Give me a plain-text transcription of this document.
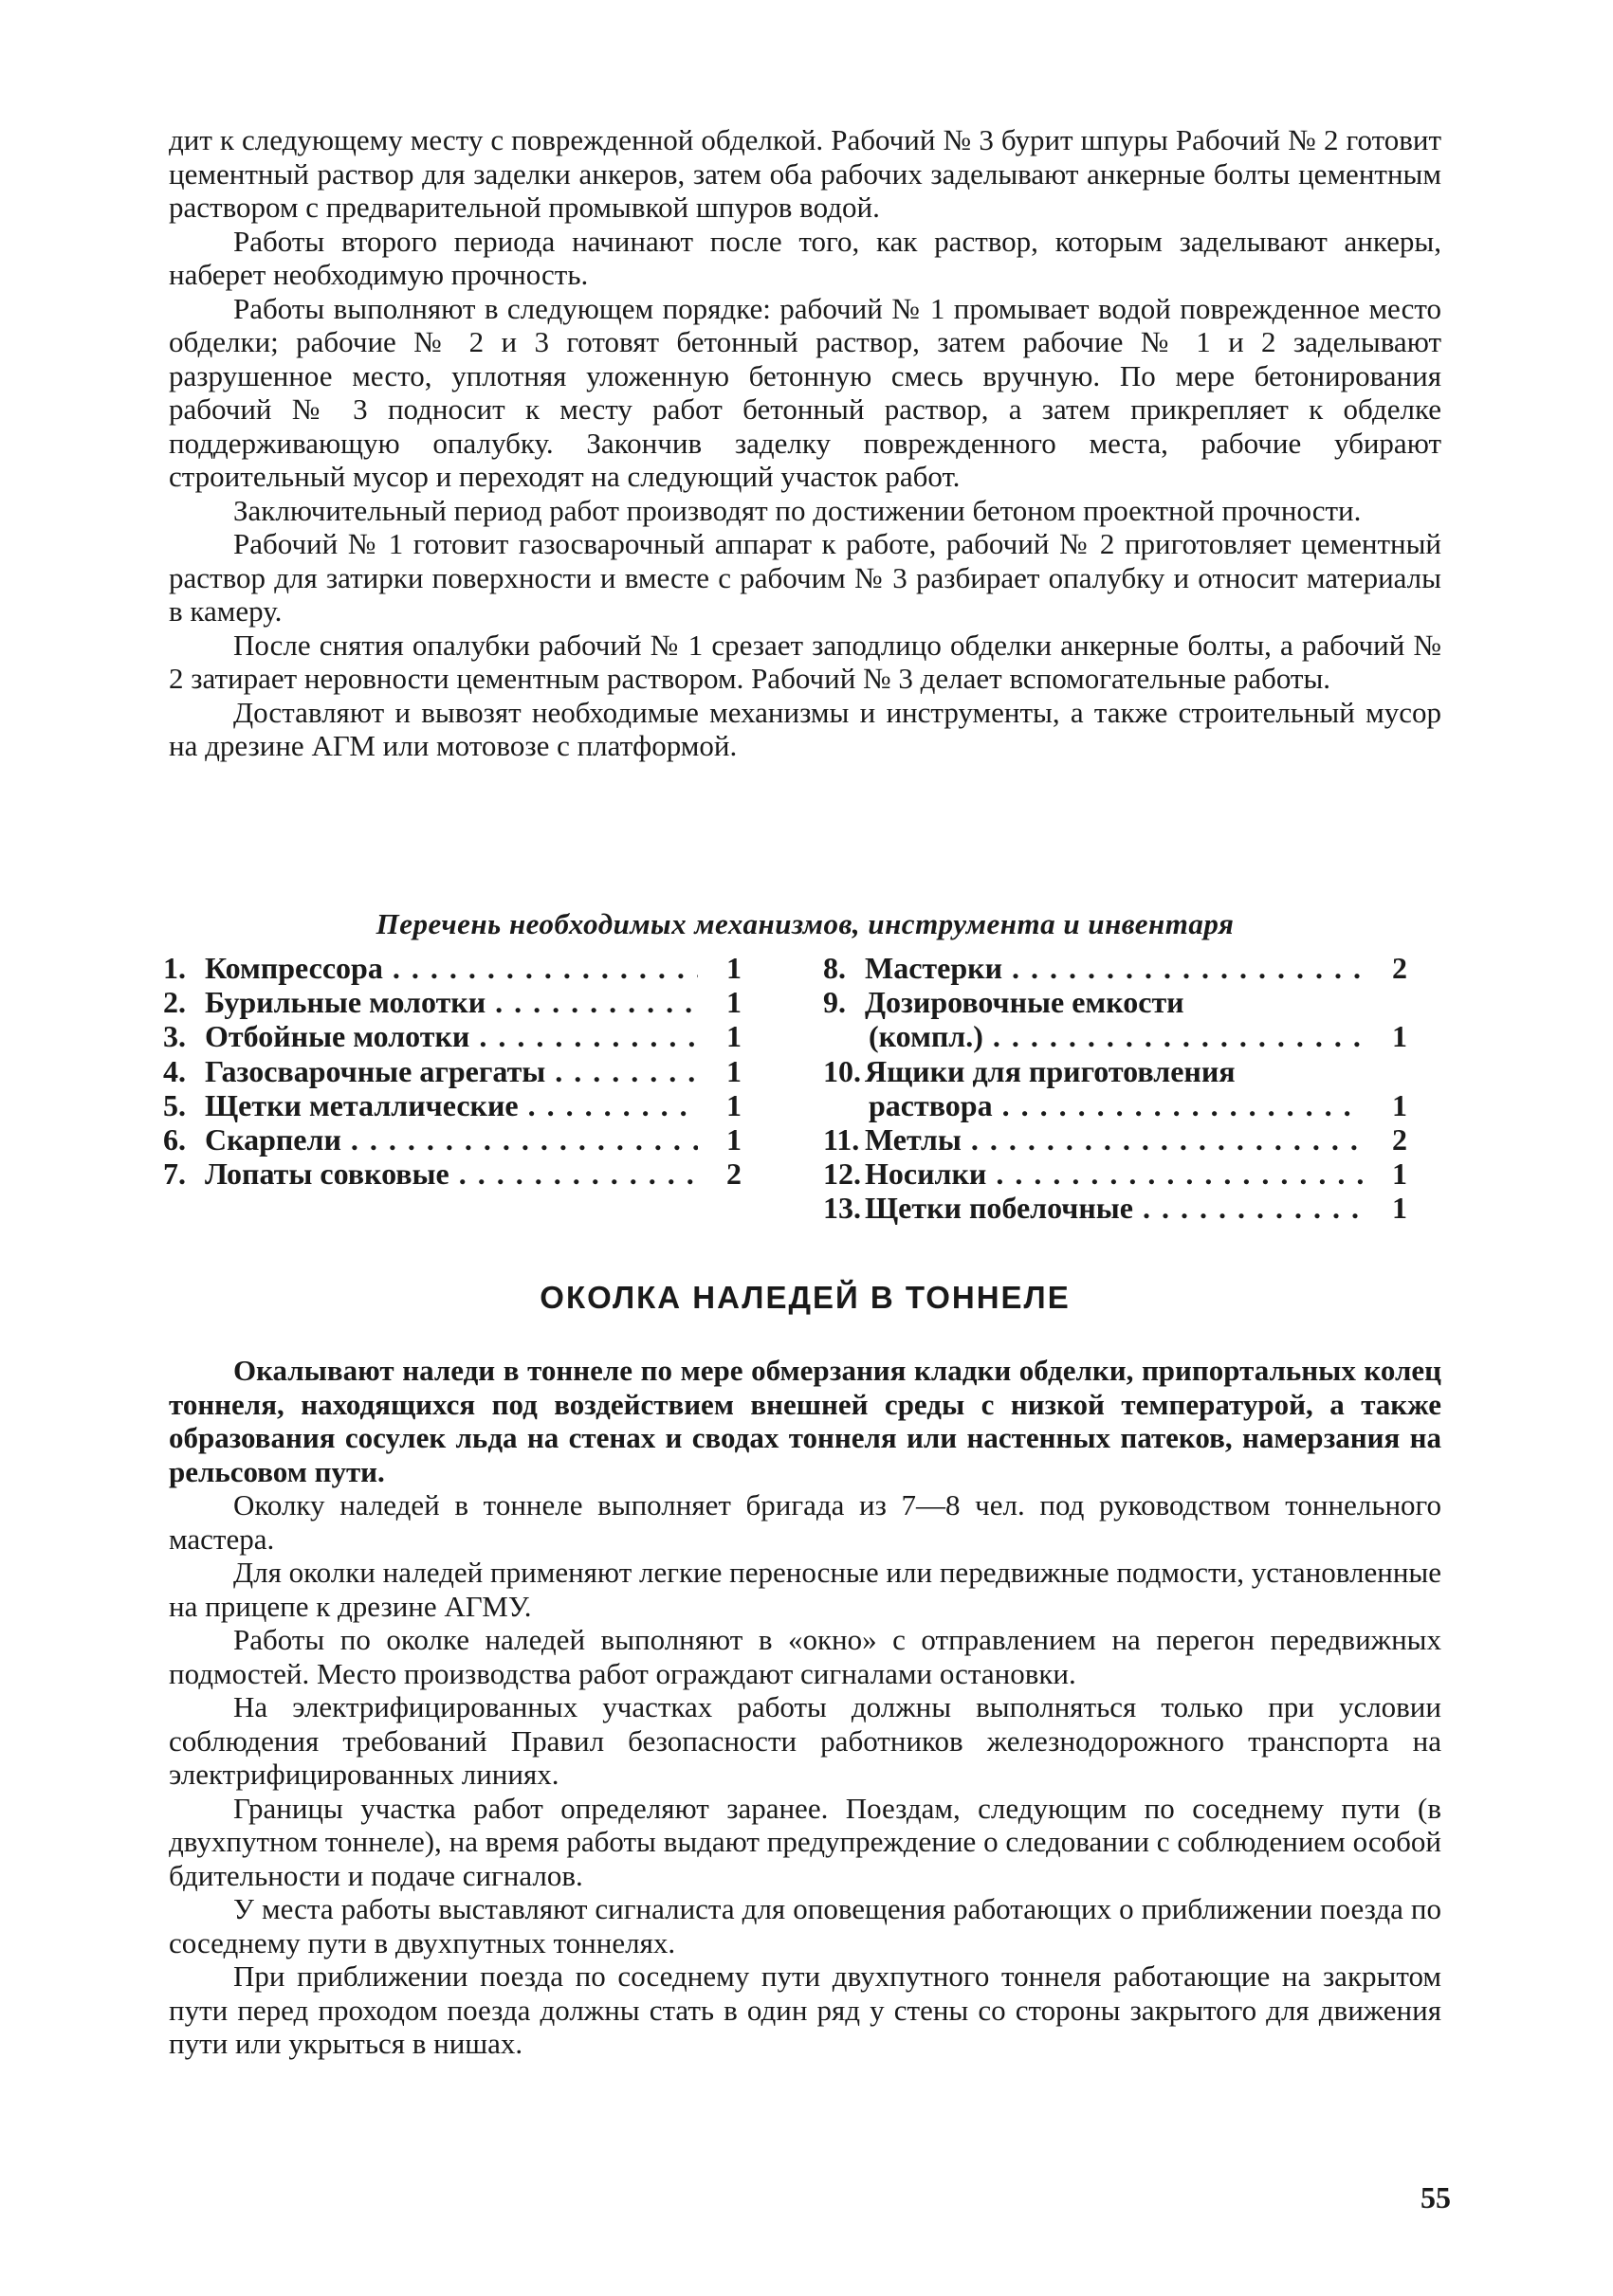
дит к следующему месту с поврежденной обделкой. Рабочий № 3 бурит шпуры Рабочий № 2 готовит цементный раствор для заделки анкеров, затем оба рабочих заделывают анкерные болты цементным раствором с предварительной промывкой шпуров водой.

Работы второго периода начинают после того, как раствор, которым заделывают анкеры, наберет необходимую прочность.

Работы выполняют в следующем порядке: рабочий № 1 промывает водой поврежденное место обделки; рабочие № 2 и 3 готовят бетонный раствор, затем рабочие № 1 и 2 заделывают разрушенное место, уплотняя уложенную бетонную смесь вручную. По мере бетонирования рабочий № 3 подносит к месту работ бетонный раствор, а затем прикрепляет к обделке поддерживающую опалубку. Закончив заделку поврежденного места, рабочие убирают строительный мусор и переходят на следующий участок работ.

Заключительный период работ производят по достижении бетоном проектной прочности.

Рабочий № 1 готовит газосварочный аппарат к работе, рабочий № 2 приготовляет цементный раствор для затирки поверхности и вместе с рабочим № 3 разбирает опалубку и относит материалы в камеру.

После снятия опалубки рабочий № 1 срезает заподлицо обделки анкерные болты, а рабочий № 2 затирает неровности цементным раствором. Рабочий № 3 делает вспомогательные работы.

Доставляют и вывозят необходимые механизмы и инструменты, а также строительный мусор на дрезине АГМ или мотовозе с платформой.

Перечень необходимых механизмов, инструмента и инвентаря
1. Компрессора . . .	1
2. Бурильные молотки . . .	1
3. Отбойные молотки . . .	1
4. Газосварочные агрегаты . . .	1
5. Щетки металлические . . .	1
6. Скарпели . . .	1
7. Лопаты совковые . . .	2
8. Мастерки . . .	2
9. Дозировочные емкости
(компл.) . . .	1
10. Ящики для приготовления
раствора . . .	1
11. Метлы . . .	2
12. Носилки . . .	1
13. Щетки побелочные . . .	1
ОКОЛКА НАЛЕДЕЙ В ТОННЕЛЕ

Окалывают наледи в тоннеле по мере обмерзания кладки обделки, припортальных колец тоннеля, находящихся под воздействием внешней среды с низкой температурой, а также образования сосулек льда на стенах и сводах тоннеля или настенных патеков, намерзания на рельсовом пути.

Околку наледей в тоннеле выполняет бригада из 7—8 чел. под руководством тоннельного мастера.

Для околки наледей применяют легкие переносные или передвижные подмости, установленные на прицепе к дрезине АГМУ.

Работы по околке наледей выполняют в «окно» с отправлением на перегон передвижных подмостей. Место производства работ ограждают сигналами остановки.

На электрифицированных участках работы должны выполняться только при условии соблюдения требований Правил безопасности работников железнодорожного транспорта на электрифицированных линиях.

Границы участка работ определяют заранее. Поездам, следующим по соседнему пути (в двухпутном тоннеле), на время работы выдают предупреждение о следовании с соблюдением особой бдительности и подаче сигналов.

У места работы выставляют сигналиста для оповещения работающих о приближении поезда по соседнему пути в двухпутных тоннелях.

При приближении поезда по соседнему пути двухпутного тоннеля работающие на закрытом пути перед проходом поезда должны стать в один ряд у стены со стороны закрытого для движения пути или укрыться в нишах.

55
